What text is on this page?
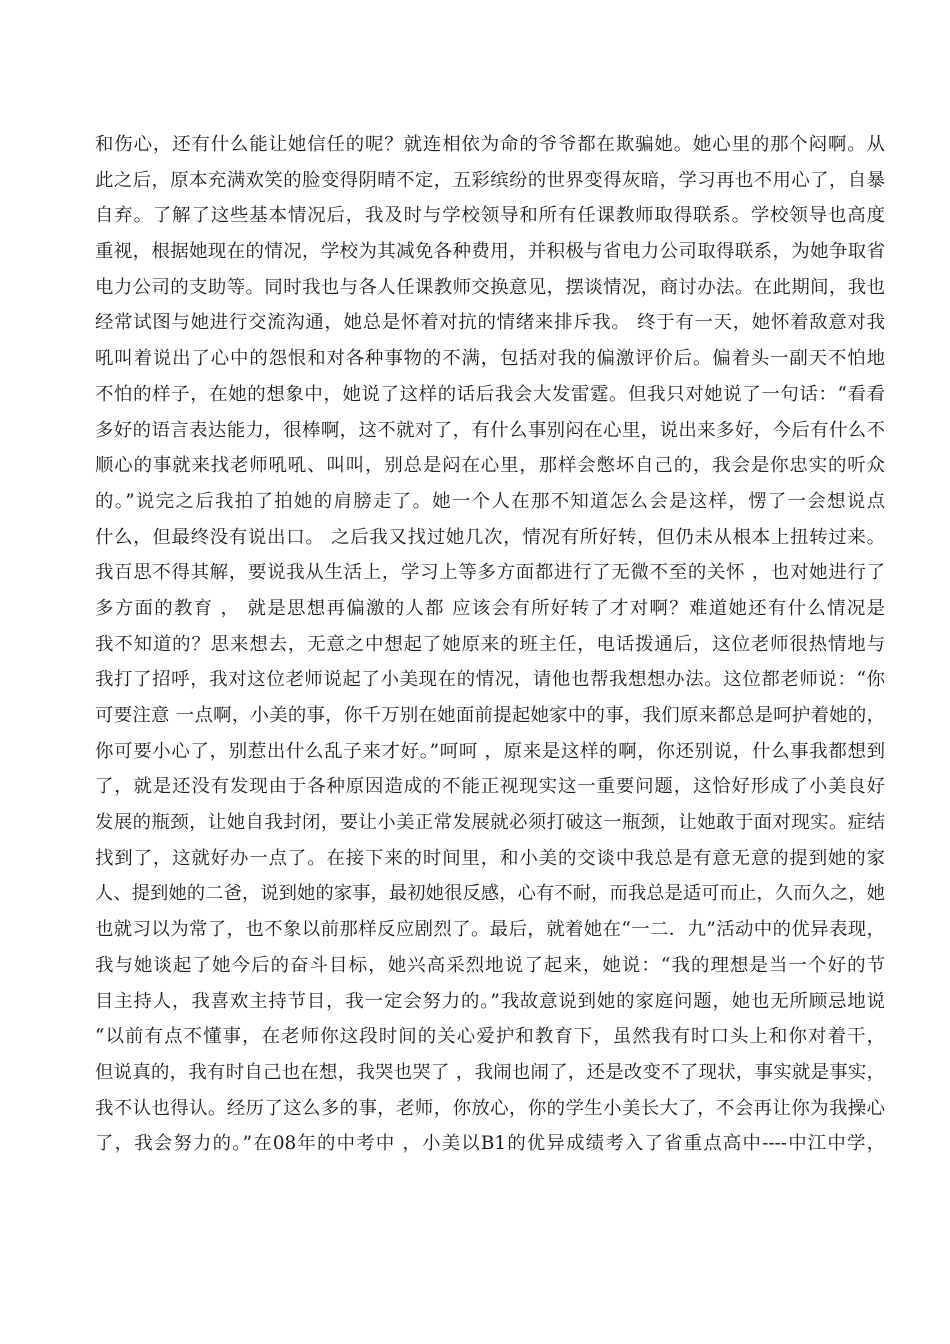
和伤心，还有什么能让她信任的呢？就连相依为命的爷爷都在欺骗她。她心里的那个闷啊。从
此之后，原本充满欢笑的脸变得阴晴不定，五彩缤纷的世界变得灰暗，学习再也不用心了，自暴
自弃。了解了这些基本情况后，我及时与学校领导和所有任课教师取得联系。学校领导也高度
重视，根据她现在的情况，学校为其减免各种费用，并积极与省电力公司取得联系，为她争取省
电力公司的支助等。同时我也与各人任课教师交换意见，摆谈情况，商讨办法。在此期间，我也
经常试图与她进行交流沟通，她总是怀着对抗的情绪来排斥我。 终于有一天，她怀着敌意对我
吼叫着说出了心中的怨恨和对各种事物的不满，包括对我的偏激评价后。偏着头一副天不怕地
不怕的样子，在她的想象中，她说了这样的话后我会大发雷霆。但我只对她说了一句话：“看看
多好的语言表达能力，很棒啊，这不就对了，有什么事别闷在心里，说出来多好，今后有什么不
顺心的事就来找老师吼吼、叫叫，别总是闷在心里，那样会憋坏自己的，我会是你忠实的听众
的。”说完之后我拍了拍她的肩膀走了。她一个人在那不知道怎么会是这样，愣了一会想说点
什么，但最终没有说出口。 之后我又找过她几次，情况有所好转，但仍未从根本上扭转过来。
我百思不得其解，要说我从生活上，学习上等多方面都进行了无微不至的关怀 ，也对她进行了
多方面的教育 ， 就是思想再偏激的人都 应该会有所好转了才对啊？难道她还有什么情况是
我不知道的？思来想去，无意之中想起了她原来的班主任，电话拨通后，这位老师很热情地与
我打了招呼，我对这位老师说起了小美现在的情况，请他也帮我想想办法。这位都老师说：“你
可要注意 一点啊，小美的事，你千万别在她面前提起她家中的事，我们原来都总是呵护着她的，
你可要小心了，别惹出什么乱子来才好。”呵呵 ，原来是这样的啊，你还别说，什么事我都想到
了，就是还没有发现由于各种原因造成的不能正视现实这一重要问题，这恰好形成了小美良好
发展的瓶颈，让她自我封闭，要让小美正常发展就必须打破这一瓶颈，让她敢于面对现实。症结
找到了，这就好办一点了。在接下来的时间里，和小美的交谈中我总是有意无意的提到她的家
人、提到她的二爸，说到她的家事，最初她很反感，心有不耐，而我总是适可而止，久而久之，她
也就习以为常了，也不象以前那样反应剧烈了。最后，就着她在“一二．九”活动中的优异表现，
我与她谈起了她今后的奋斗目标，她兴高采烈地说了起来，她说：“我的理想是当一个好的节
目主持人，我喜欢主持节目，我一定会努力的。”我故意说到她的家庭问题，她也无所顾忌地说
“以前有点不懂事，在老师你这段时间的关心爱护和教育下，虽然我有时口头上和你对着干，
但说真的，我有时自己也在想，我哭也哭了 ，我闹也闹了，还是改变不了现状，事实就是事实，
我不认也得认。经历了这么多的事，老师，你放心，你的学生小美长大了，不会再让你为我操心
了，我会努力的。”在08年的中考中 ，小美以B1的优异成绩考入了省重点高中----中江中学，
